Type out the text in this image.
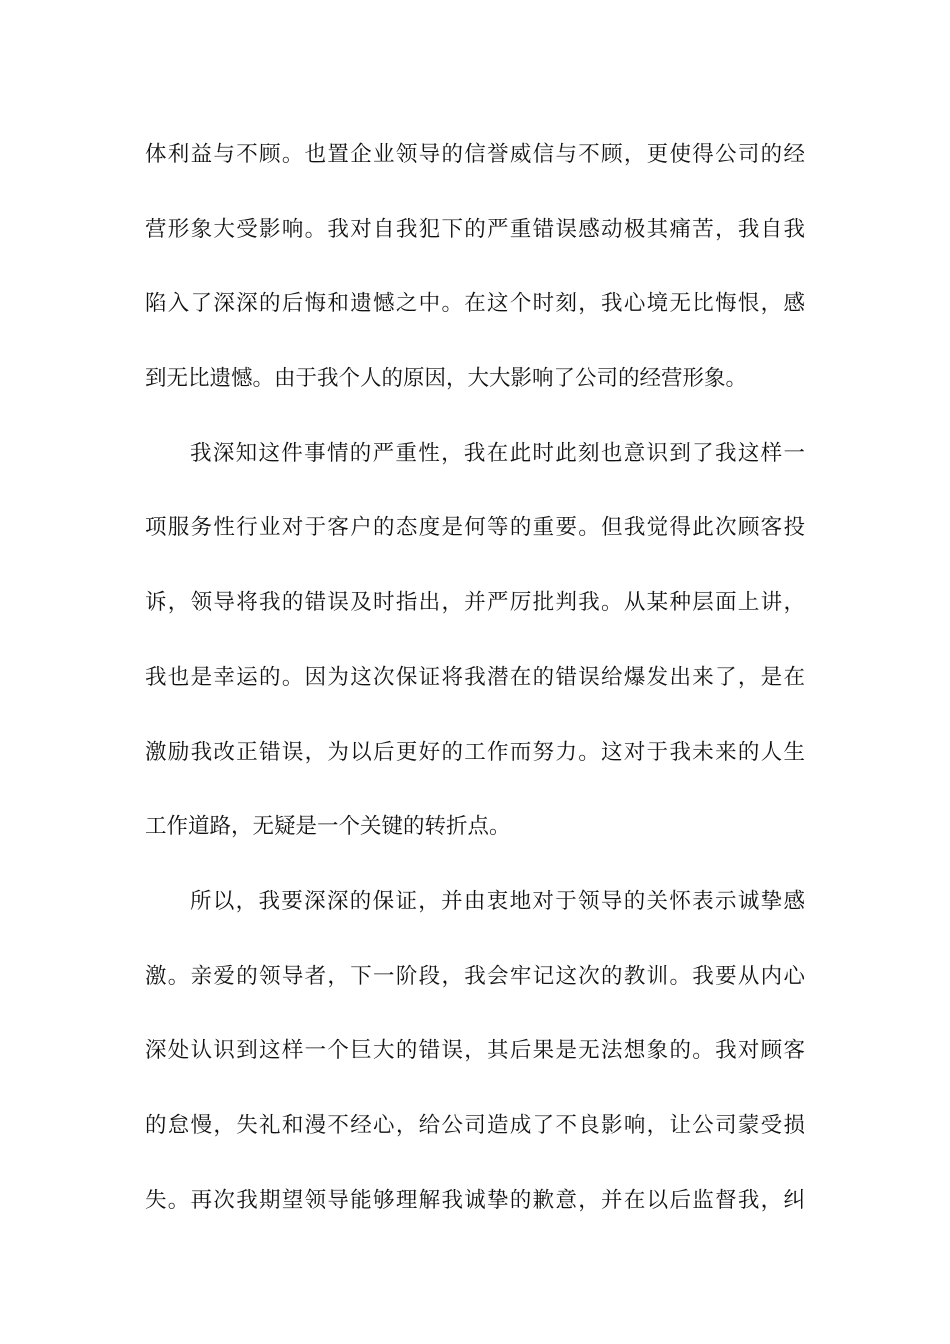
体利益与不顾。也置企业领导的信誉威信与不顾，更使得公司的经
营形象大受影响。我对自我犯下的严重错误感动极其痛苦，我自我
陷入了深深的后悔和遗憾之中。在这个时刻，我心境无比悔恨，感
到无比遗憾。由于我个人的原因，大大影响了公司的经营形象。
我深知这件事情的严重性，我在此时此刻也意识到了我这样一
项服务性行业对于客户的态度是何等的重要。但我觉得此次顾客投
诉，领导将我的错误及时指出，并严厉批判我。从某种层面上讲，
我也是幸运的。因为这次保证将我潜在的错误给爆发出来了，是在
激励我改正错误，为以后更好的工作而努力。这对于我未来的人生
工作道路，无疑是一个关键的转折点。
所以，我要深深的保证，并由衷地对于领导的关怀表示诚挚感
激。亲爱的领导者，下一阶段，我会牢记这次的教训。我要从内心
深处认识到这样一个巨大的错误，其后果是无法想象的。我对顾客
的怠慢，失礼和漫不经心，给公司造成了不良影响，让公司蒙受损
失。再次我期望领导能够理解我诚挚的歉意，并在以后监督我，纠
